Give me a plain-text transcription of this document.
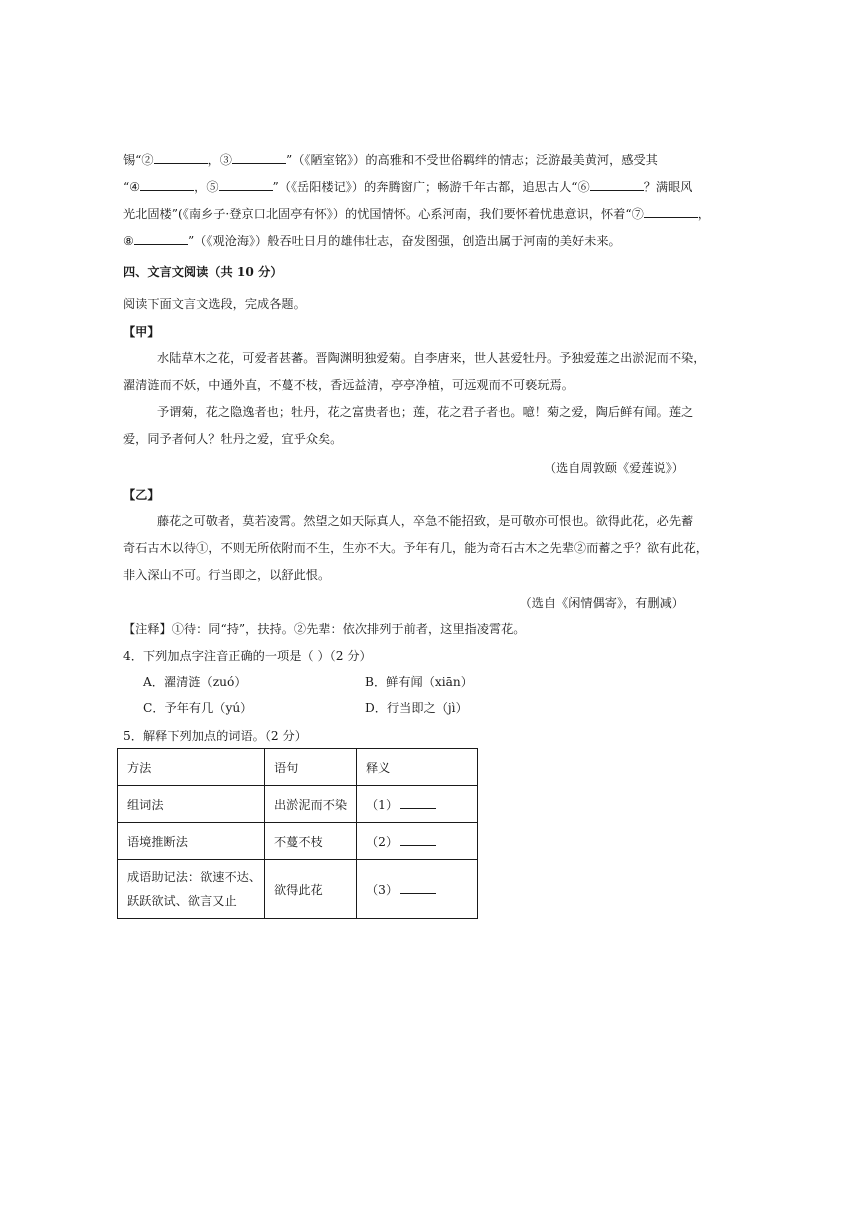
锡“②	，③	”（《陋室铭》）的高雅和不受世俗羁绊的情志；泛游最美黄河，感受其
“④	，⑤	”（《岳阳楼记》）的奔腾窗广；畅游千年古都，追思古人“⑥	？满眼风
光北固楼”(《南乡子·登京口北固亭有怀》）的忧国情怀。心系河南，我们要怀着忧患意识，怀着“⑦	，
⑧	”（《观沧海》）般吞吐日月的雄伟壮志，奋发图强，创造出属于河南的美好未来。
四、文言文阅读（共 10 分）
阅读下面文言文选段，完成各题。
【甲】
水陆草木之花，可爱者甚蕃。晋陶渊明独爱菊。自李唐来，世人甚爱牡丹。予独爱莲之出淤泥而不染，
濯清涟而不妖，中通外直，不蔓不枝，香远益清，亭亭净植，可远观而不可亵玩焉。
予谓菊，花之隐逸者也；牡丹，花之富贵者也；莲，花之君子者也。噫！菊之爱，陶后鲜有闻。莲之
爱，同予者何人？牡丹之爱，宜乎众矣。
（选自周敦颐《爱莲说》）
【乙】
藤花之可敬者，莫若凌霄。然望之如天际真人，卒急不能招致，是可敬亦可恨也。欲得此花，必先蓄
奇石古木以待①，不则无所依附而不生，生亦不大。予年有几，能为奇石古木之先辈②而蓄之乎？欲有此花，
非入深山不可。行当即之，以舒此恨。
（选自《闲情偶寄》，有删减）
【注释】①待：同“持”，扶持。②先辈：依次排列于前者，这里指凌霄花。
4．下列加点字注音正确的一项是（ ）（2 分）
A．濯清涟（zuó）	B．鲜有闻（xiān）
C．予年有几（yú）	D．行当即之（jì）
5．解释下列加点的词语。（2 分）
方法	语句	释义
组词法	出淤泥而不染	（1）
语境推断法	不蔓不枝	（2）

成语助记法：欲速不达、
跃跃欲试、欲言又止	欲得此花	（3）
